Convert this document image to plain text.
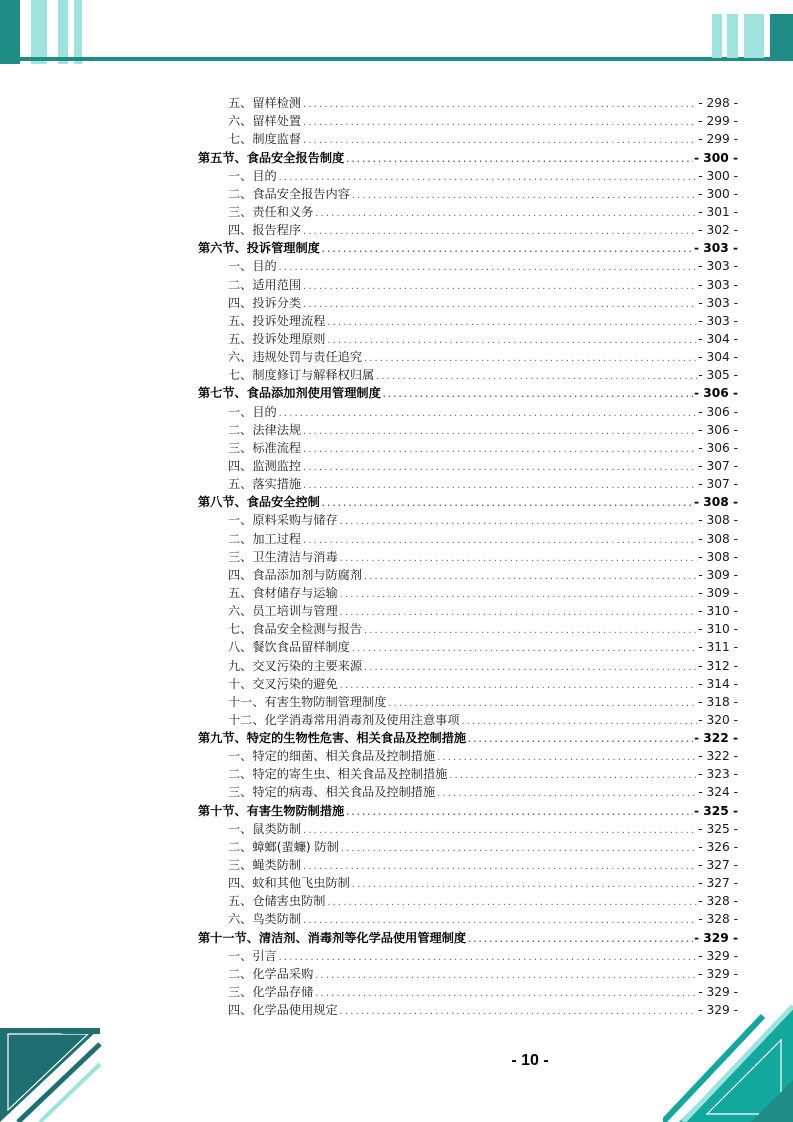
五、留样检测 .....	- 298 -
六、留样处置 .....	- 299 -
七、制度监督 .....	- 299 -
第五节、食品安全报告制度 .....	- 300 -
一、目的 .....	- 300 -
二、食品安全报告内容 .....	- 300 -
三、责任和义务 .....	- 301 -
四、报告程序 .....	- 302 -
第六节、投诉管理制度 .....	- 303 -
一、目的 .....	- 303 -
二、适用范围 .....	- 303 -
四、投诉分类 .....	- 303 -
五、投诉处理流程 .....	- 303 -
五、投诉处理原则 .....	- 304 -
六、违规处罚与责任追究 .....	- 304 -
七、制度修订与解释权归属 .....	- 305 -
第七节、食品添加剂使用管理制度 .....	- 306 -
一、目的 .....	- 306 -
二、法律法规 .....	- 306 -
三、标准流程 .....	- 306 -
四、监测监控 .....	- 307 -
五、落实措施 .....	- 307 -
第八节、食品安全控制 .....	- 308 -
一、原料采购与储存 .....	- 308 -
二、加工过程 .....	- 308 -
三、卫生清洁与消毒 .....	- 308 -
四、食品添加剂与防腐剂 .....	- 309 -
五、食材储存与运输 .....	- 309 -
六、员工培训与管理 .....	- 310 -
七、食品安全检测与报告 .....	- 310 -
八、餐饮食品留样制度 .....	- 311 -
九、交叉污染的主要来源 .....	- 312 -
十、交叉污染的避免 .....	- 314 -
十一、有害生物防制管理制度 .....	- 318 -
十二、化学消毒常用消毒剂及使用注意事项 .....	- 320 -
第九节、特定的生物性危害、相关食品及控制措施 .....	- 322 -
一、特定的细菌、相关食品及控制措施 .....	- 322 -
二、特定的寄生虫、相关食品及控制措施 .....	- 323 -
三、特定的病毒、相关食品及控制措施 .....	- 324 -
第十节、有害生物防制措施 .....	- 325 -
一、鼠类防制 .....	- 325 -
二、蟑螂(蜚蠊) 防制 .....	- 326 -
三、蝇类防制 .....	- 327 -
四、蚊和其他飞虫防制 .....	- 327 -
五、仓储害虫防制 .....	- 328 -
六、鸟类防制 .....	- 328 -
第十一节、清洁剂、消毒剂等化学品使用管理制度 .....	- 329 -
一、引言 .....	- 329 -
二、化学品采购 .....	- 329 -
三、化学品存储 .....	- 329 -
四、化学品使用规定 .....	- 329 -
- 10 -
